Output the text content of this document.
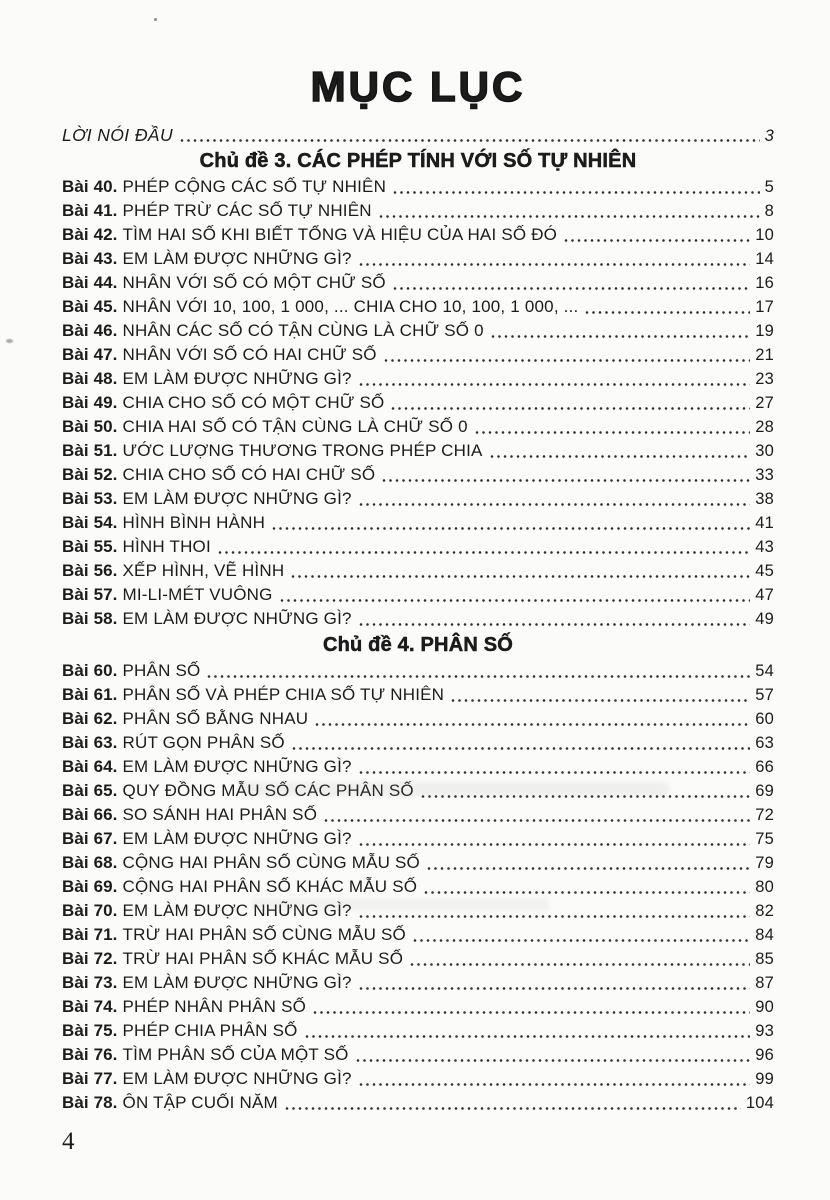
MỤC LỤC
LỜI NÓI ĐẦU	3
Chủ đề 3. CÁC PHÉP TÍNH VỚI SỐ TỰ NHIÊN
Bài 40. PHÉP CỘNG CÁC SỐ TỰ NHIÊN	5
Bài 41. PHÉP TRỪ CÁC SỐ TỰ NHIÊN	8
Bài 42. TÌM HAI SỐ KHI BIẾT TỔNG VÀ HIỆU CỦA HAI SỐ ĐÓ	10
Bài 43. EM LÀM ĐƯỢC NHỮNG GÌ?	14
Bài 44. NHÂN VỚI SỐ CÓ MỘT CHỮ SỐ	16
Bài 45. NHÂN VỚI 10, 100, 1 000, ... CHIA CHO 10, 100, 1 000, ...	17
Bài 46. NHÂN CÁC SỐ CÓ TẬN CÙNG LÀ CHỮ SỐ 0	19
Bài 47. NHÂN VỚI SỐ CÓ HAI CHỮ SỐ	21
Bài 48. EM LÀM ĐƯỢC NHỮNG GÌ?	23
Bài 49. CHIA CHO SỐ CÓ MỘT CHỮ SỐ	27
Bài 50. CHIA HAI SỐ CÓ TẬN CÙNG LÀ CHỮ SỐ 0	28
Bài 51. ƯỚC LƯỢNG THƯƠNG TRONG PHÉP CHIA	30
Bài 52. CHIA CHO SỐ CÓ HAI CHỮ SỐ	33
Bài 53. EM LÀM ĐƯỢC NHỮNG GÌ?	38
Bài 54. HÌNH BÌNH HÀNH	41
Bài 55. HÌNH THOI	43
Bài 56. XẾP HÌNH, VẼ HÌNH	45
Bài 57. MI-LI-MÉT VUÔNG	47
Bài 58. EM LÀM ĐƯỢC NHỮNG GÌ?	49
Chủ đề 4. PHÂN SỐ
Bài 60. PHÂN SỐ	54
Bài 61. PHÂN SỐ VÀ PHÉP CHIA SỐ TỰ NHIÊN	57
Bài 62. PHÂN SỐ BẰNG NHAU	60
Bài 63. RÚT GỌN PHÂN SỐ	63
Bài 64. EM LÀM ĐƯỢC NHỮNG GÌ?	66
Bài 65. QUY ĐỒNG MẪU SỐ CÁC PHÂN SỐ	69
Bài 66. SO SÁNH HAI PHÂN SỐ	72
Bài 67. EM LÀM ĐƯỢC NHỮNG GÌ?	75
Bài 68. CỘNG HAI PHÂN SỐ CÙNG MẪU SỐ	79
Bài 69. CỘNG HAI PHÂN SỐ KHÁC MẪU SỐ	80
Bài 70. EM LÀM ĐƯỢC NHỮNG GÌ?	82
Bài 71. TRỪ HAI PHÂN SỐ CÙNG MẪU SỐ	84
Bài 72. TRỪ HAI PHÂN SỐ KHÁC MẪU SỐ	85
Bài 73. EM LÀM ĐƯỢC NHỮNG GÌ?	87
Bài 74. PHÉP NHÂN PHÂN SỐ	90
Bài 75. PHÉP CHIA PHÂN SỐ	93
Bài 76. TÌM PHÂN SỐ CỦA MỘT SỐ	96
Bài 77. EM LÀM ĐƯỢC NHỮNG GÌ?	99
Bài 78. ÔN TẬP CUỐI NĂM	104
4
